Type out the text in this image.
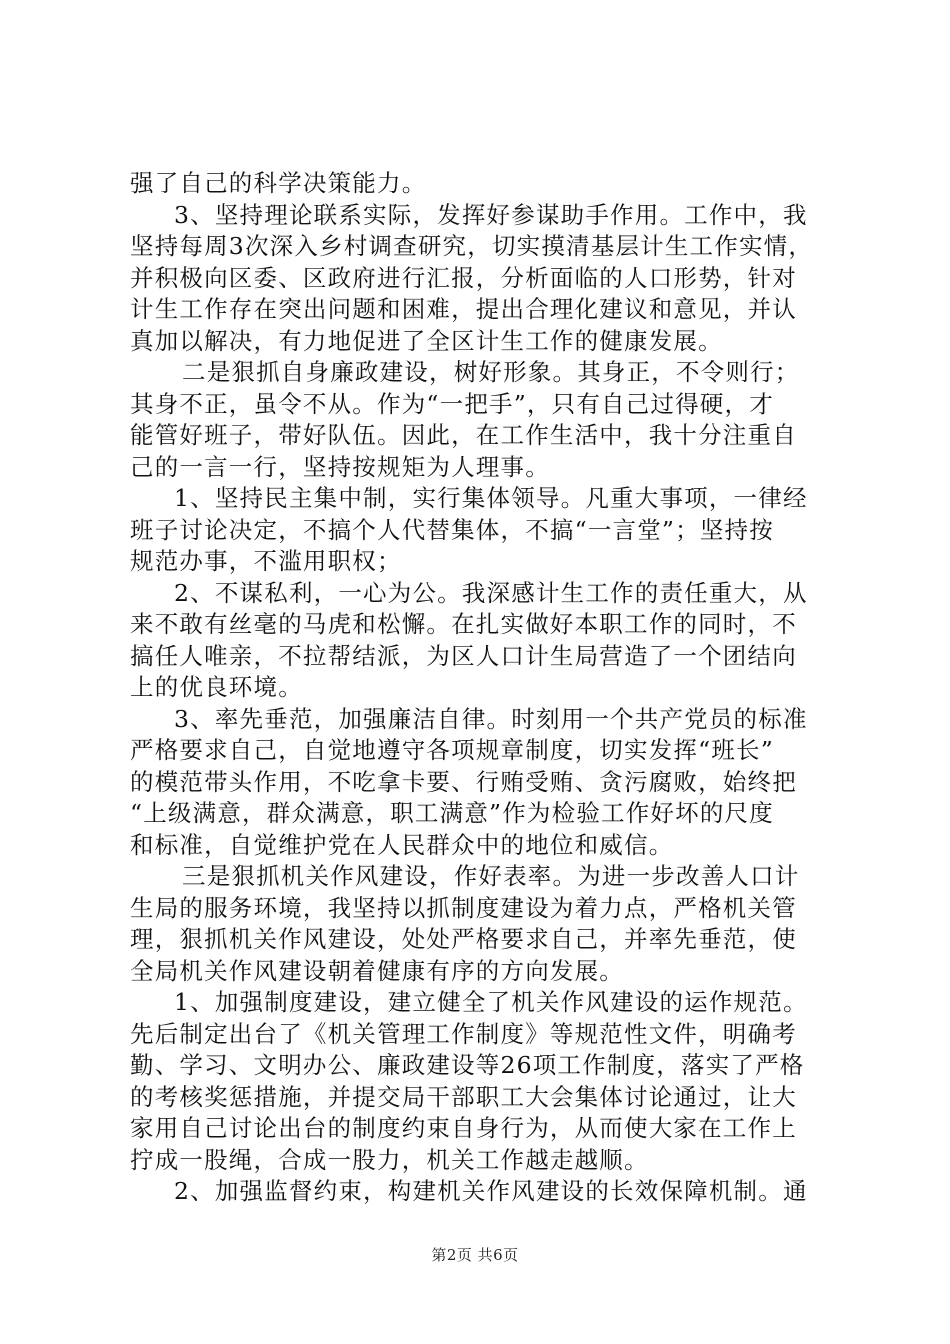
强了自己的科学决策能力。
3、坚持理论联系实际，发挥好参谋助手作用。工作中，我
坚持每周3次深入乡村调查研究，切实摸清基层计生工作实情，
并积极向区委、区政府进行汇报，分析面临的人口形势，针对
计生工作存在突出问题和困难，提出合理化建议和意见，并认
真加以解决，有力地促进了全区计生工作的健康发展。
二是狠抓自身廉政建设，树好形象。其身正，不令则行；
其身不正，虽令不从。作为“一把手”，只有自己过得硬，才
能管好班子，带好队伍。因此，在工作生活中，我十分注重自
己的一言一行，坚持按规矩为人理事。
1、坚持民主集中制，实行集体领导。凡重大事项，一律经
班子讨论决定，不搞个人代替集体，不搞“一言堂”；坚持按
规范办事，不滥用职权；
2、不谋私利，一心为公。我深感计生工作的责任重大，从
来不敢有丝毫的马虎和松懈。在扎实做好本职工作的同时，不
搞任人唯亲，不拉帮结派，为区人口计生局营造了一个团结向
上的优良环境。
3、率先垂范，加强廉洁自律。时刻用一个共产党员的标准
严格要求自己，自觉地遵守各项规章制度，切实发挥“班长”
的模范带头作用，不吃拿卡要、行贿受贿、贪污腐败，始终把
“上级满意，群众满意，职工满意”作为检验工作好坏的尺度
和标准，自觉维护党在人民群众中的地位和威信。
三是狠抓机关作风建设，作好表率。为进一步改善人口计
生局的服务环境，我坚持以抓制度建设为着力点，严格机关管
理，狠抓机关作风建设，处处严格要求自己，并率先垂范，使
全局机关作风建设朝着健康有序的方向发展。
1、加强制度建设，建立健全了机关作风建设的运作规范。
先后制定出台了《机关管理工作制度》等规范性文件，明确考
勤、学习、文明办公、廉政建设等26项工作制度，落实了严格
的考核奖惩措施，并提交局干部职工大会集体讨论通过，让大
家用自己讨论出台的制度约束自身行为，从而使大家在工作上
拧成一股绳，合成一股力，机关工作越走越顺。
2、加强监督约束，构建机关作风建设的长效保障机制。通
第2页 共6页
